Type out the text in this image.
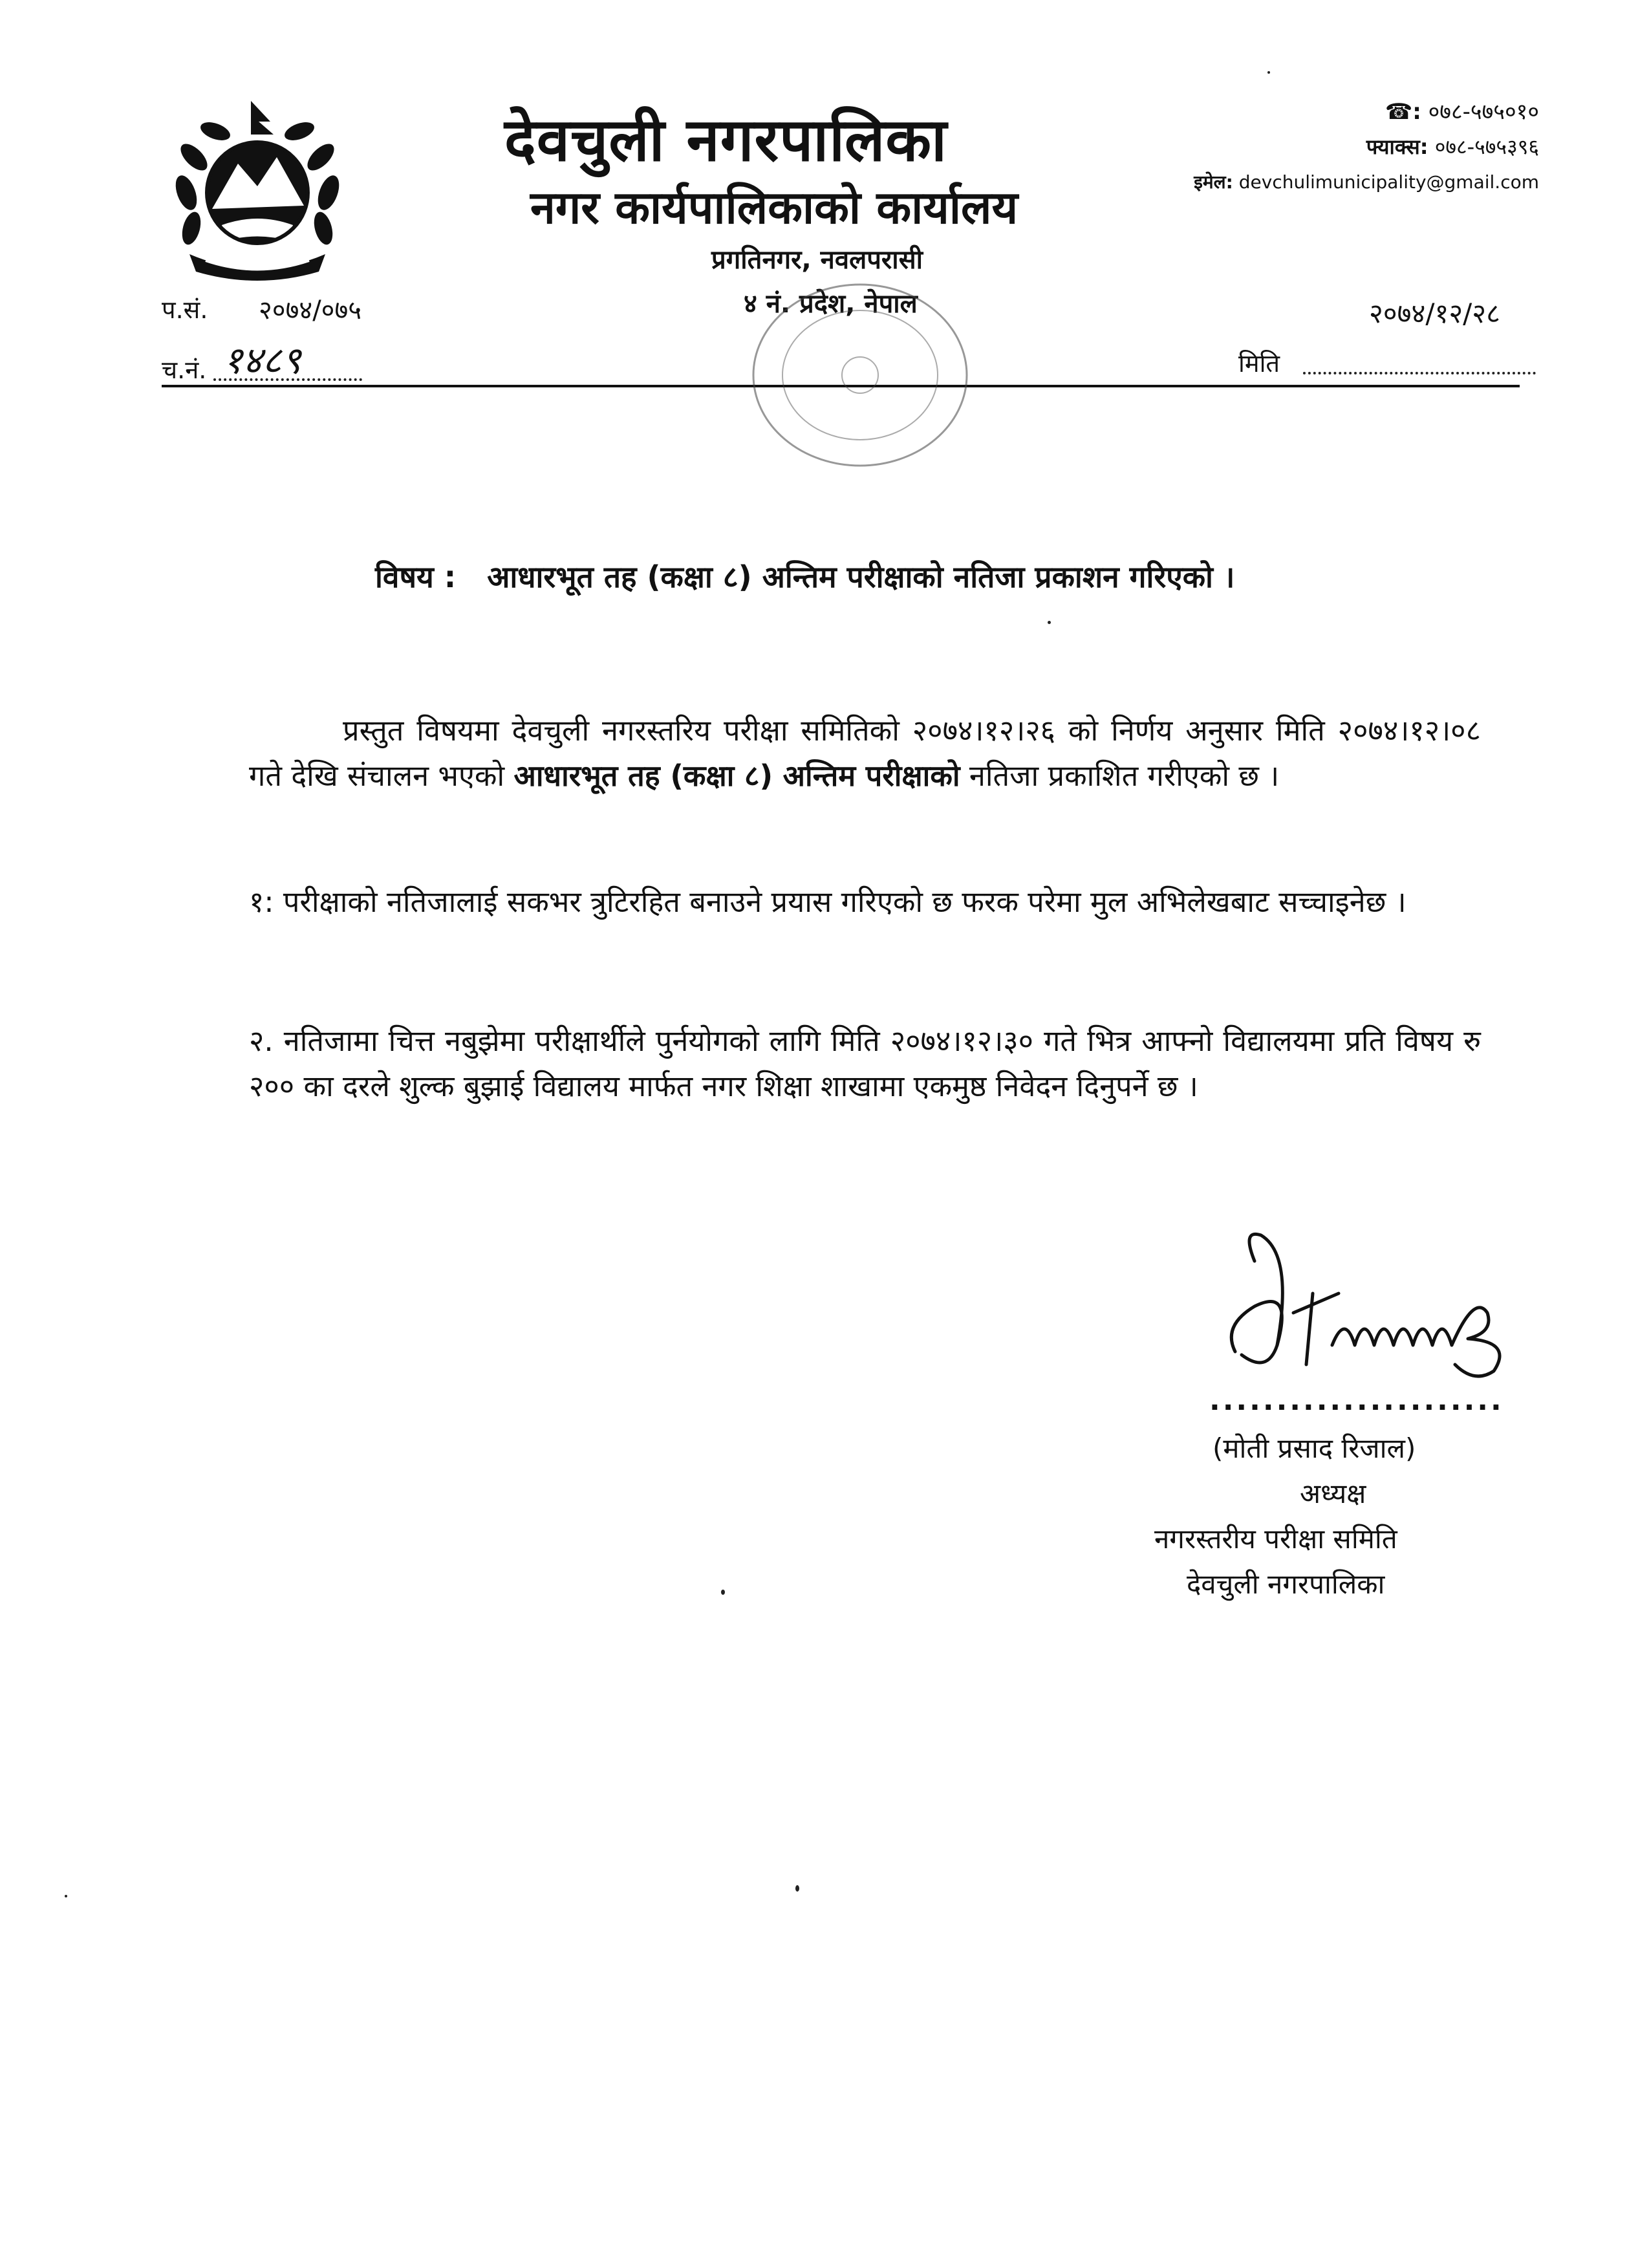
देवचुली नगरपालिका
नगर कार्यपालिकाको कार्यालय
प्रगतिनगर, नवलपरासी
४ नं. प्रदेश, नेपाल
☎: ०७८-५७५०१०
फ्याक्स: ०७८-५७५३९६
इमेल: devchulimunicipality@gmail.com
प.सं. २०७४/०७५
च.नं. १४८९
२०७४/१२/२८
मिति
विषय : आधारभूत तह (कक्षा ८) अन्तिम परीक्षाको नतिजा प्रकाशन गरिएको ।
प्रस्तुत विषयमा देवचुली नगरस्तरिय परीक्षा समितिको २०७४।१२।२६ को निर्णय अनुसार मिति २०७४।१२।०८ गते देखि संचालन भएको आधारभूत तह (कक्षा ८) अन्तिम परीक्षाको नतिजा प्रकाशित गरीएको छ ।
१: परीक्षाको नतिजालाई सकभर त्रुटिरहित बनाउने प्रयास गरिएको छ फरक परेमा मुल अभिलेखबाट सच्चाइनेछ ।
२. नतिजामा चित्त नबुझेमा परीक्षार्थीले पुर्नयोगको लागि मिति २०७४।१२।३० गते भित्र आफ्नो विद्यालयमा प्रति विषय रु २०० का दरले शुल्क बुझाई विद्यालय मार्फत नगर शिक्षा शाखामा एकमुष्ठ निवेदन दिनुपर्ने छ ।
......................
(मोती प्रसाद रिजाल)
अध्यक्ष
नगरस्तरीय परीक्षा समिति
देवचुली नगरपालिका
